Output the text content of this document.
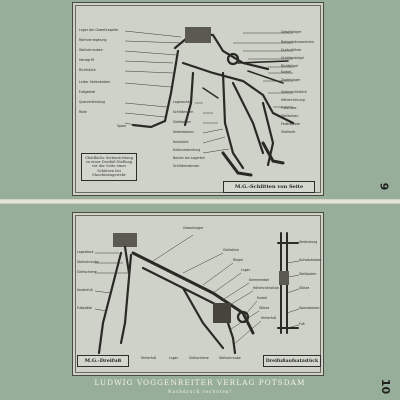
Lager der Gewehrzapfen
Rohrverriegelung
Stellschrauben
Handgriff
Richtstück
Linker Seitenbolzen
Fußgestell
Querverbindung
Rolle
Sporn
Gewehrlager
Rohrgehäuseschiene
Gurtzuführer
Schlittenbügel
Richtbügel
Kurbel
Zapfenlager
Seitenrichtstück
Höhenrichtung
Fußstütze
Stellbolzen
Federbolzen
Gleitkufe
Lagerachse
Schlittenarm
Gleitbolzen
Seitenbolzen
Kniestück
Kufenverbindung
Bolzen am Lagerteil
Schlittenrahmen
Gleitfläche Seitenrichtung zu einer Dreifuß-Stellung vor der Seite eines Schützen bei Maschinengewehr
M.G.-Schlitten von Seite	9
Lagerbock
Stellschraube
Gleitschiene
Vorderfuß
Fußplatte
Gewehrlager
Gleitstück
Riegel
Lager
Klemmhebel
Höhenrichtstück
Kurbel
Stütze
Hinterfuß
Verbindung
Aufsatzbolzen
Stellbolzen
Stütze
Spannbolzen
Fuß
Hinterfuß	Lager	Gleitschiene	Stellschraube
M.G.-Dreifuß	Dreifußaufsatzstück
LUDWIG VOGGENREITER VERLAG POTSDAM
Nachdruck verboten!	10
